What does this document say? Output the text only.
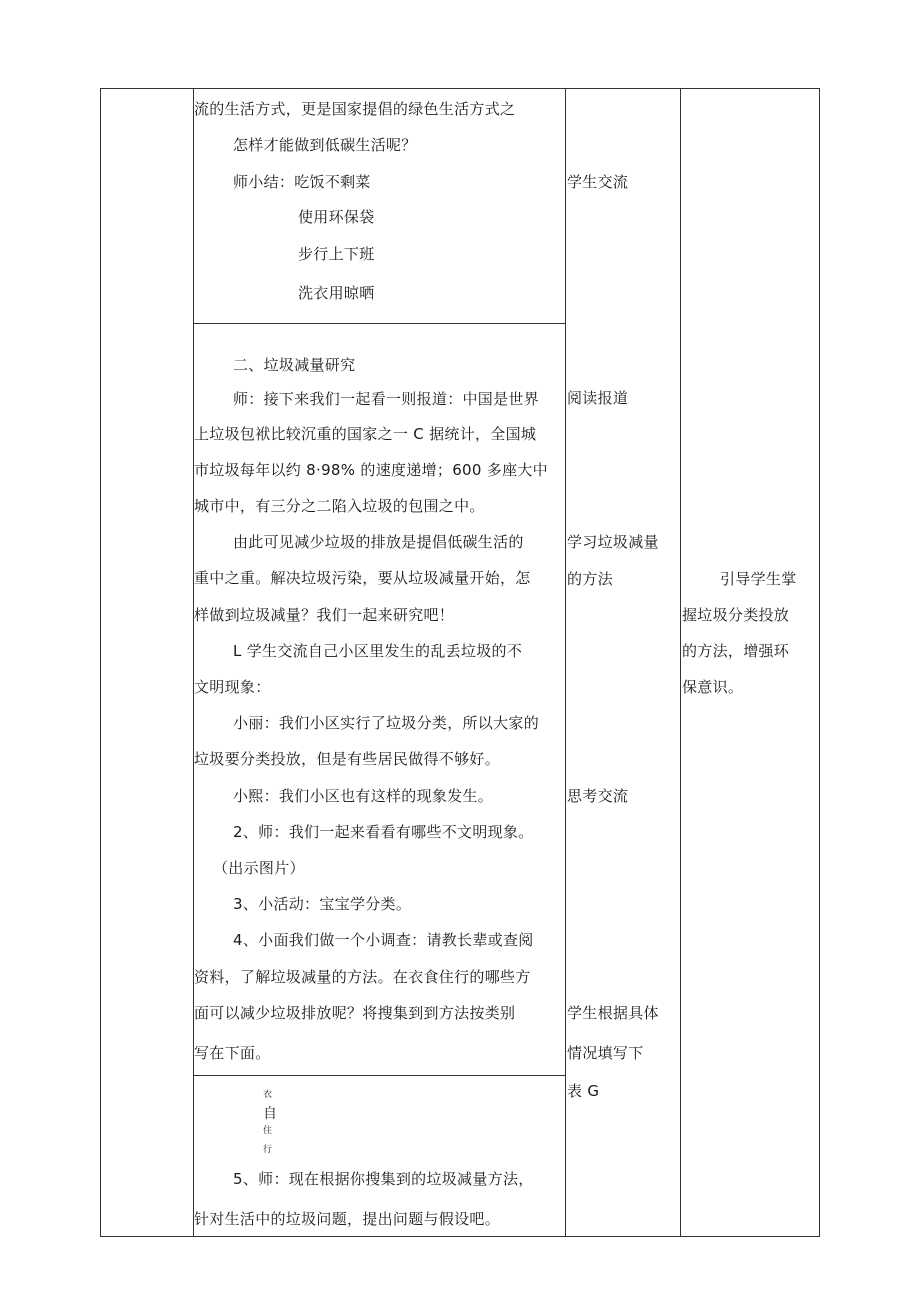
流的生活方式，更是国家提倡的绿色生活方式之
怎样才能做到低碳生活呢？
师小结：吃饭不剩菜
使用环保袋
步行上下班
洗衣用晾晒
二、垃圾减量研究
师：接下来我们一起看一则报道：中国是世界
上垃圾包袱比较沉重的国家之一 C 据统计，全国城
市垃圾每年以约 8·98% 的速度递增；600 多座大中
城市中，有三分之二陷入垃圾的包围之中。
由此可见减少垃圾的排放是提倡低碳生活的
重中之重。解决垃圾污染，要从垃圾减量开始，怎
样做到垃圾减量？我们一起来研究吧！
L 学生交流自己小区里发生的乱丢垃圾的不
文明现象：
小丽：我们小区实行了垃圾分类，所以大家的
垃圾要分类投放，但是有些居民做得不够好。
小熙：我们小区也有这样的现象发生。
2、师：我们一起来看看有哪些不文明现象。
（出示图片）
3、小活动：宝宝学分类。
4、小面我们做一个小调查：请教长辈或查阅
资料，了解垃圾减量的方法。在衣食住行的哪些方
面可以减少垃圾排放呢？将搜集到到方法按类别
写在下面。
衣
自
住
行
5、师：现在根据你搜集到的垃圾减量方法，
针对生活中的垃圾问题，提出问题与假设吧。
学生交流
阅读报道
学习垃圾减量
的方法
思考交流
学生根据具体
情况填写下
表 G
引导学生掌
握垃圾分类投放
的方法，增强环
保意识。
